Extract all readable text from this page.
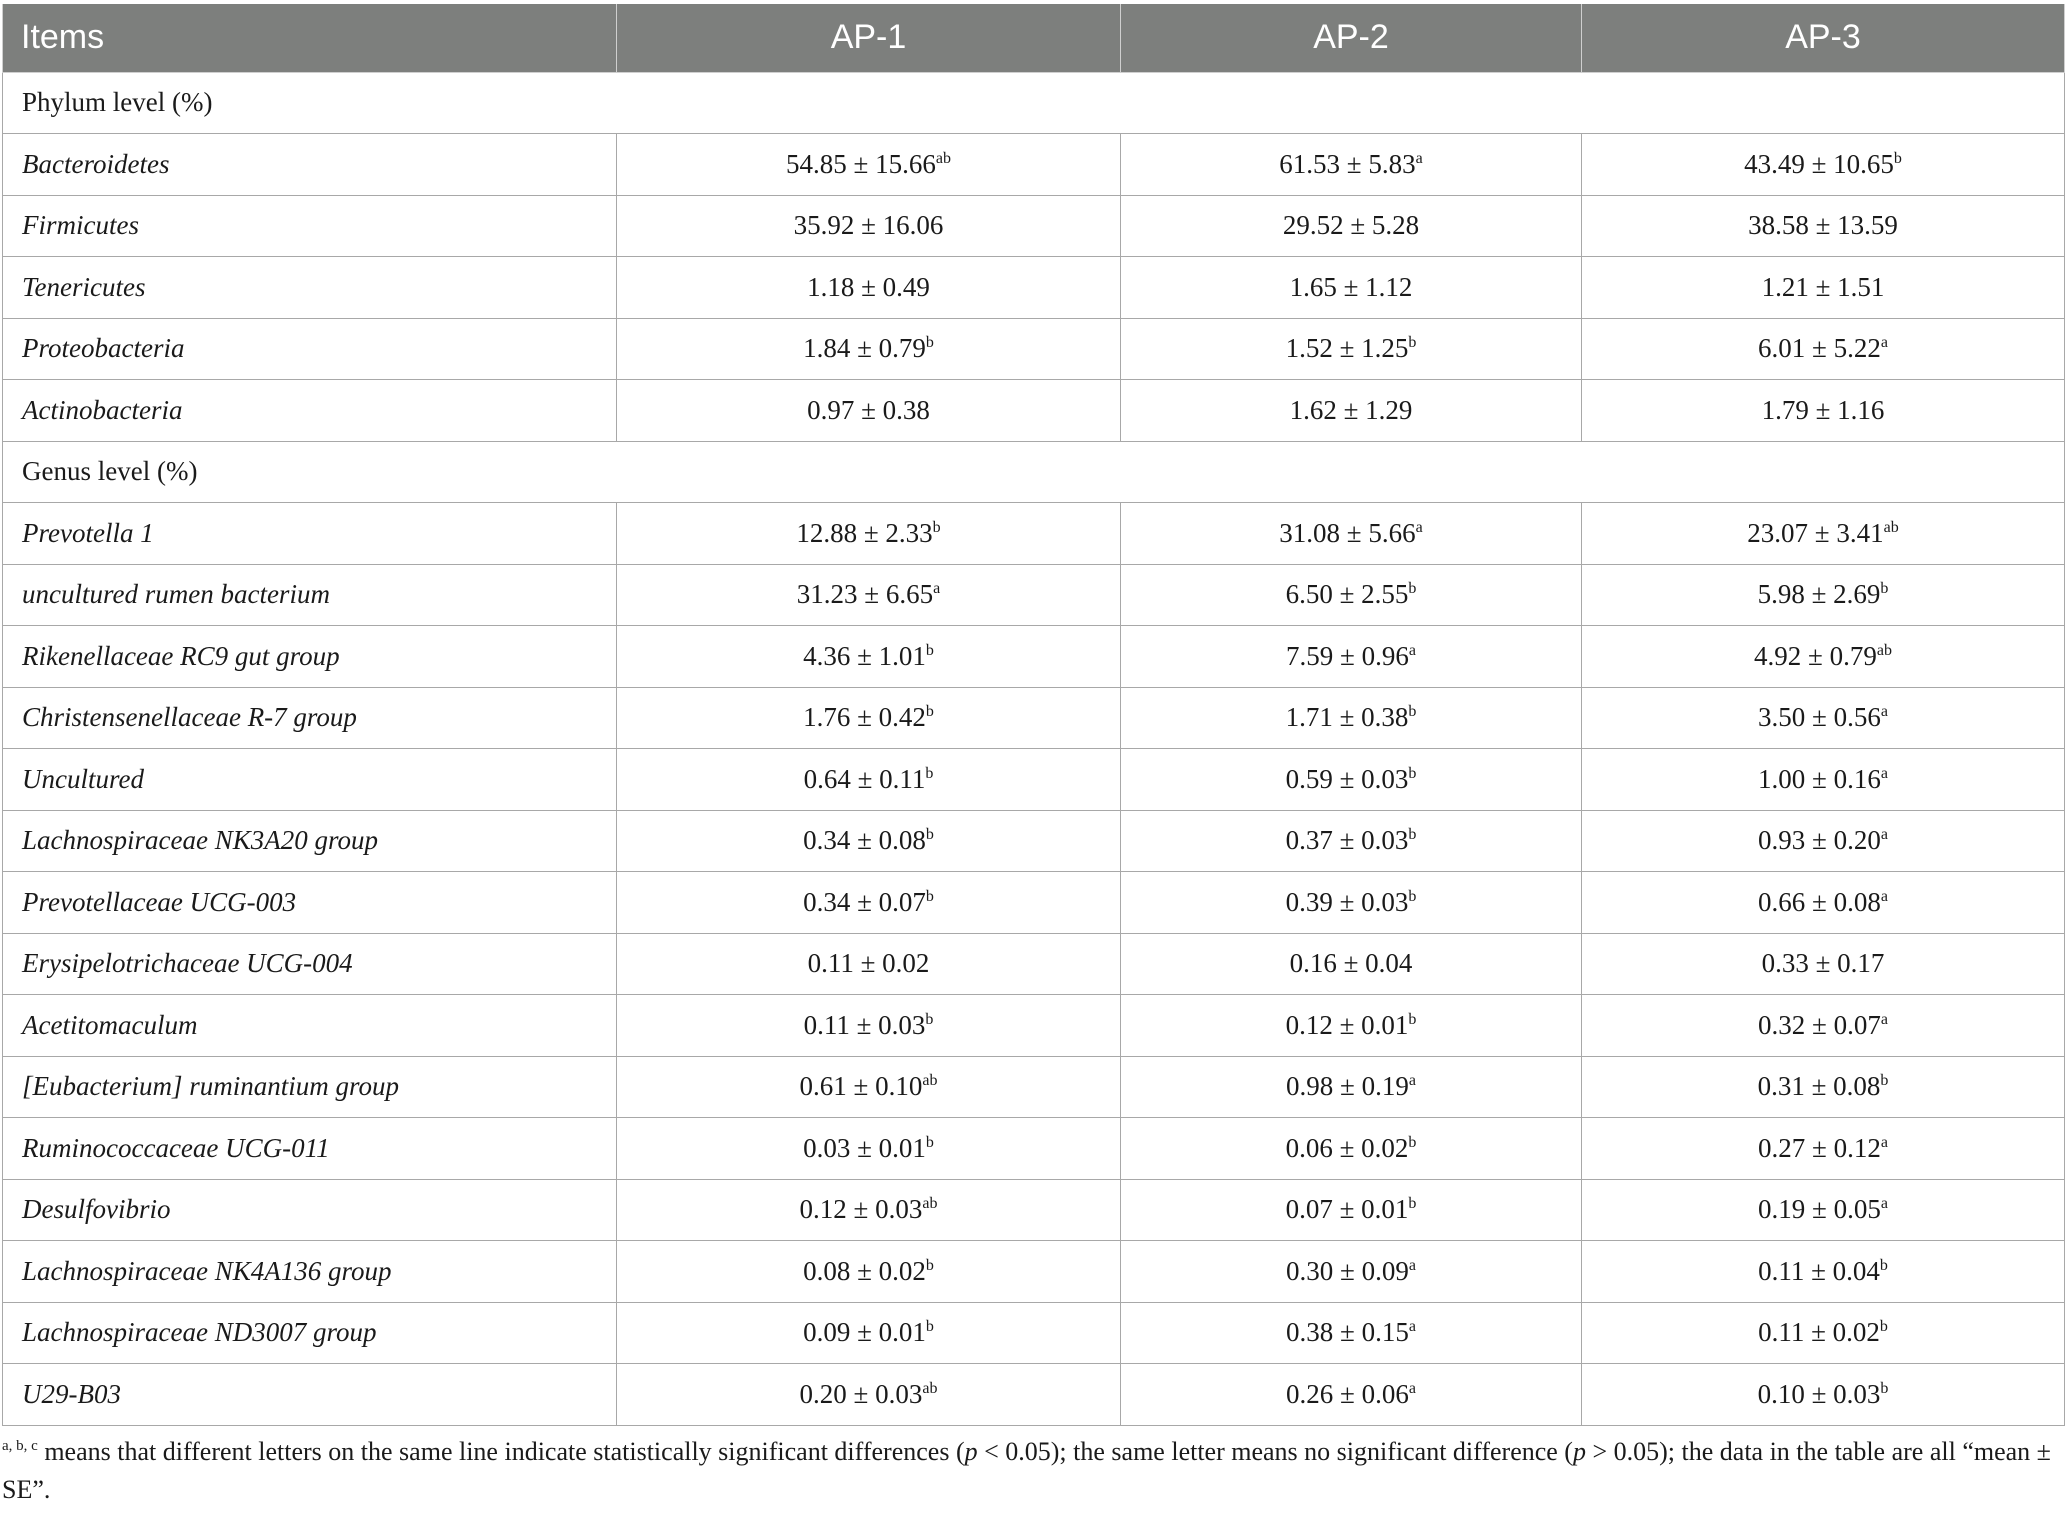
Items	AP-1	AP-2	AP-3
Phylum level (%)			
Bacteroidetes	54.85 ± 15.66$^{ab}$	61.53 ± 5.83$^a$	43.49 ± 10.65$^b$
Firmicutes	35.92 ± 16.06	29.52 ± 5.28	38.58 ± 13.59
Tenericutes	1.18 ± 0.49	1.65 ± 1.12	1.21 ± 1.51
Proteobacteria	1.84 ± 0.79$^b$	1.52 ± 1.25$^b$	6.01 ± 5.22$^a$
Actinobacteria	0.97 ± 0.38	1.62 ± 1.29	1.79 ± 1.16
Genus level (%)			
Prevotella 1	12.88 ± 2.33$^b$	31.08 ± 5.66$^a$	23.07 ± 3.41$^{ab}$
uncultured rumen bacterium	31.23 ± 6.65$^a$	6.50 ± 2.55$^b$	5.98 ± 2.69$^b$
Rikenellaceae RC9 gut group	4.36 ± 1.01$^b$	7.59 ± 0.96$^a$	4.92 ± 0.79$^{ab}$
Christensenellaceae R-7 group	1.76 ± 0.42$^b$	1.71 ± 0.38$^b$	3.50 ± 0.56$^a$
Uncultured	0.64 ± 0.11$^b$	0.59 ± 0.03$^b$	1.00 ± 0.16$^a$
Lachnospiraceae NK3A20 group	0.34 ± 0.08$^b$	0.37 ± 0.03$^b$	0.93 ± 0.20$^a$
Prevotellaceae UCG-003	0.34 ± 0.07$^b$	0.39 ± 0.03$^b$	0.66 ± 0.08$^a$
Erysipelotrichaceae UCG-004	0.11 ± 0.02	0.16 ± 0.04	0.33 ± 0.17
Acetitomaculum	0.11 ± 0.03$^b$	0.12 ± 0.01$^b$	0.32 ± 0.07$^a$
[Eubacterium] ruminantium group	0.61 ± 0.10$^{ab}$	0.98 ± 0.19$^a$	0.31 ± 0.08$^b$
Ruminococcaceae UCG-011	0.03 ± 0.01$^b$	0.06 ± 0.02$^b$	0.27 ± 0.12$^a$
Desulfovibrio	0.12 ± 0.03$^{ab}$	0.07 ± 0.01$^b$	0.19 ± 0.05$^a$
Lachnospiraceae NK4A136 group	0.08 ± 0.02$^b$	0.30 ± 0.09$^a$	0.11 ± 0.04$^b$
Lachnospiraceae ND3007 group	0.09 ± 0.01$^b$	0.38 ± 0.15$^a$	0.11 ± 0.02$^b$
U29-B03	0.20 ± 0.03$^{ab}$	0.26 ± 0.06$^a$	0.10 ± 0.03$^b$
$^{a, b, c}$ means that different letters on the same line indicate statistically significant differences (p < 0.05); the same letter means no significant difference (p > 0.05); the data in the table are all “mean ± SE”.
